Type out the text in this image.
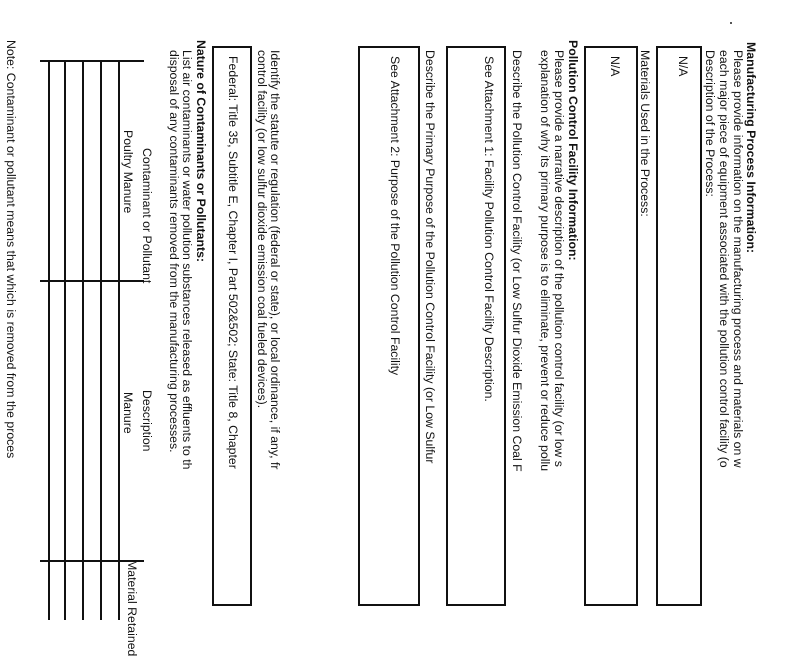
Manufacturing Process Information:
Please provide information on the manufacturing process and materials on w
each major piece of equipment associated with the pollution control facility (o
Description of the Process:
N/A
Materials Used in the Process:
N/A
Pollution Control Facility Information:
Please provide a narrative description of the pollution control facility (or low s
explanation of why its primary purpose is to eliminate, prevent or reduce pollu
Describe the Pollution Control Facility (or Low Sulfur Dioxide Emission Coal F
See Attachment 1: Facility Pollution Control Facility Description.
Describe the Primary Purpose of the Pollution Control Facility (or Low Sulfur
See Attachment 2: Purpose of the Pollution Control Facility
Identify the statute or regulation (federal or state), or local ordinance, if any, fr
control facility (or low sulfur dioxide emission coal fueled devices).
Federal: Title 35, Subtitle E, Chapter I, Part 502&502; State: Title 8, Chapter
Nature of Contaminants or Pollutants:
List air contaminants or water pollution substances released as effluents to th
disposal of any contaminants removed from the manufacturing processes.
Contaminant or Pollutant
Description
Material Retained
Poultry Manure
Manure
Note: Contaminant or pollutant means that which is removed from the proces
